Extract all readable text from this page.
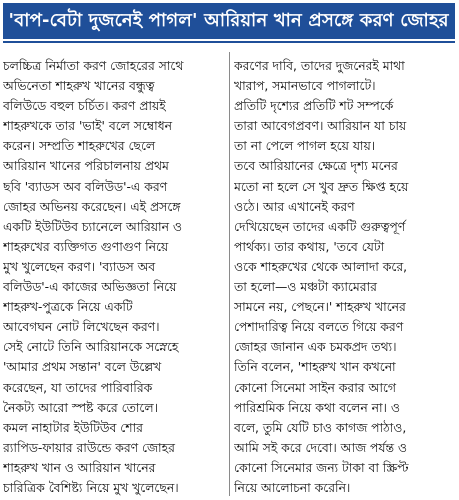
'বাপ-বেটা দুজনেই পাগল' আরিয়ান খান প্রসঙ্গে করণ জোহর
চলচ্চিত্র নির্মাতা করণ জোহরের সাথে
অভিনেতা শাহরুখ খানের বন্ধুত্ব
বলিউডে বহুল চর্চিত। করণ প্রায়ই
শাহরুখকে তার 'ভাই' বলে সম্বোধন
করেন। সম্প্রতি শাহরুখের ছেলে
আরিয়ান খানের পরিচালনায় প্রথম
ছবি 'ব্যাডস অব বলিউড'-এ করণ
জোহর অভিনয় করেছেন। এই প্রসঙ্গে
একটি ইউটিউব চ্যানেলে আরিয়ান ও
শাহরুখের ব্যক্তিগত গুণাগুণ নিয়ে
মুখ খুলেছেন করণ। 'ব্যাডস অব
বলিউড'-এ কাজের অভিজ্ঞতা নিয়ে
শাহরুখ-পুত্রকে নিয়ে একটি
আবেগঘন নোট লিখেছেন করণ।
সেই নোটে তিনি আরিয়ানকে সস্নেহে
'আমার প্রথম সন্তান' বলে উল্লেখ
করেছেন, যা তাদের পারিবারিক
নৈকট্য আরো স্পষ্ট করে তোলে।
কমল নাহাটার ইউটিউব শোর
র‍্যাপিড-ফায়ার রাউন্ডে করণ জোহর
শাহরুখ খান ও আরিয়ান খানের
চারিত্রিক বৈশিষ্ট্য নিয়ে মুখ খুলেছেন।
করণের দাবি, তাদের দুজনেরই মাথা
খারাপ, সমানভাবে পাগলাটে।
প্রতিটি দৃশ্যের প্রতিটি শট সম্পর্কে
তারা আবেগপ্রবণ। আরিয়ান যা চায়
তা না পেলে পাগল হয়ে যায়।
তবে আরিয়ানের ক্ষেত্রে দৃশ্য মনের
মতো না হলে সে খুব দ্রুত ক্ষিপ্ত হয়ে
ওঠে। আর এখানেই করণ
দেখিয়েছেন তাদের একটি গুরুত্বপূর্ণ
পার্থক্য। তার কথায়, 'তবে যেটা
ওকে শাহরুখের থেকে আলাদা করে,
তা হলো—ও মঞ্চটা ক্যামেরার
সামনে নয়, পেছনে।' শাহরুখ খানের
পেশাদারিত্ব নিয়ে বলতে গিয়ে করণ
জোহর জানান এক চমকপ্রদ তথ্য।
তিনি বলেন, 'শাহরুখ খান কখনো
কোনো সিনেমা সাইন করার আগে
পারিশ্রমিক নিয়ে কথা বলেন না। ও
বলে, তুমি যেটি চাও কাগজ পাঠাও,
আমি সই করে দেবো। আজ পর্যন্ত ও
কোনো সিনেমার জন্য টাকা বা স্ক্রিপ্ট
নিয়ে আলোচনা করেনি।
